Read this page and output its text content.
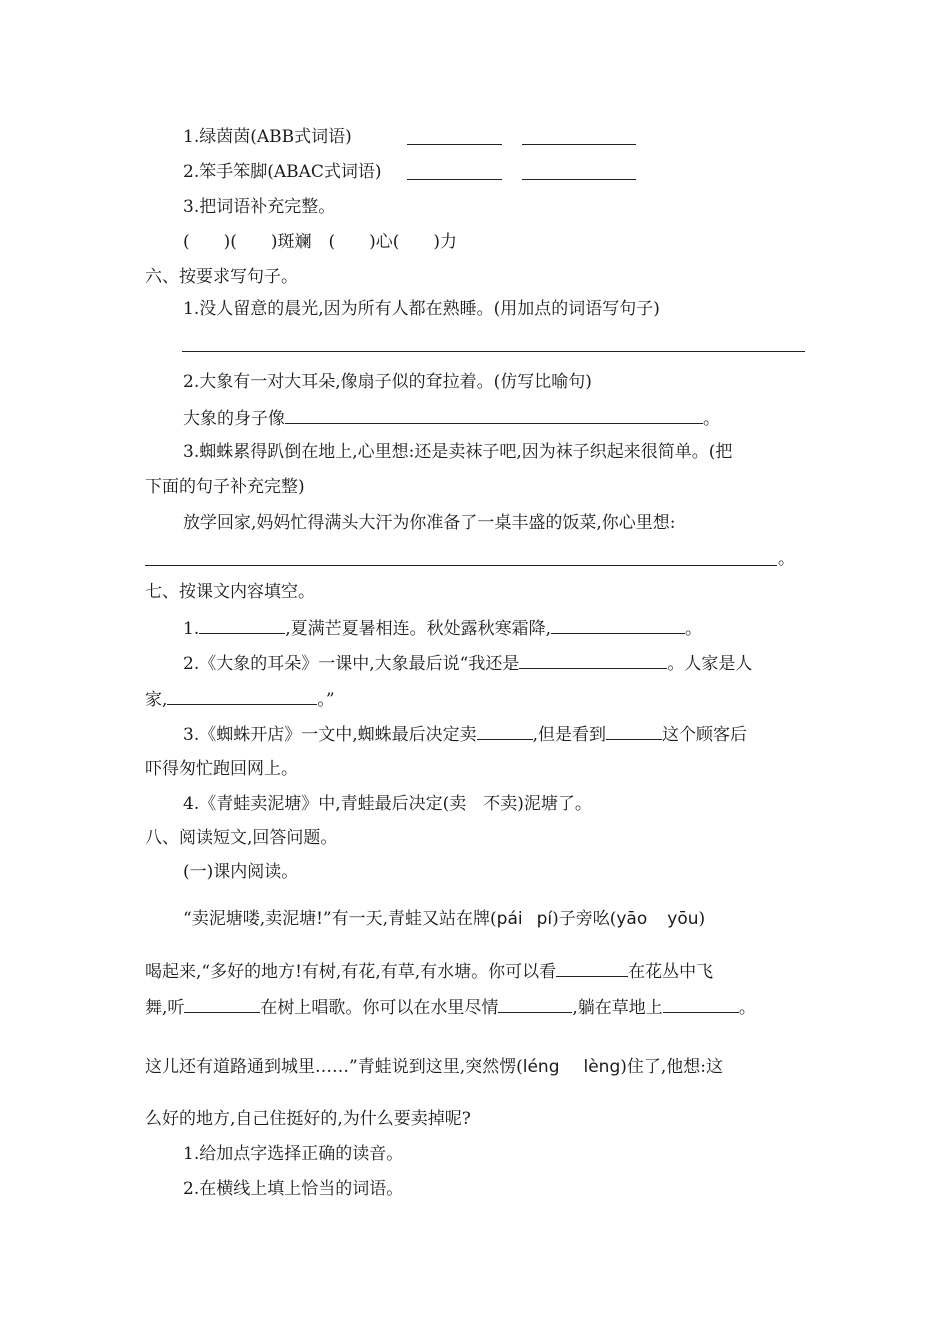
1.绿茵茵(ABB式词语)
2.笨手笨脚(ABAC式词语)
3.把词语补充完整。
(　　)(　　)斑斓　(　　)心(　　)力
六、按要求写句子。
1.没人留意的晨光,因为所有人都在熟睡。(用加点的词语写句子)
2.大象有一对大耳朵,像扇子似的耷拉着。(仿写比喻句)
大象的身子像	。
3.蜘蛛累得趴倒在地上,心里想:还是卖袜子吧,因为袜子织起来很简单。(把
下面的句子补充完整)
放学回家,妈妈忙得满头大汗为你准备了一桌丰盛的饭菜,你心里想:
。
七、按课文内容填空。
1.	,夏满芒夏暑相连。秋处露秋寒霜降,	。
2.《大象的耳朵》一课中,大象最后说“我还是	。人家是人
家,	。”
3.《蜘蛛开店》一文中,蜘蛛最后决定卖	,但是看到	这个顾客后
吓得匆忙跑回网上。
4.《青蛙卖泥塘》中,青蛙最后决定(卖　不卖)泥塘了。
八、阅读短文,回答问题。
(一)课内阅读。
“卖泥塘喽,卖泥塘!”有一天,青蛙又站在牌(pái pí)子旁吆(yāo yōu)
喝起来,“多好的地方!有树,有花,有草,有水塘。你可以看	在花丛中飞
舞,听	在树上唱歌。你可以在水里尽情	,躺在草地上	。
这儿还有道路通到城里……”青蛙说到这里,突然愣(léng lèng)住了,他想:这
么好的地方,自己住挺好的,为什么要卖掉呢?
1.给加点字选择正确的读音。
2.在横线上填上恰当的词语。
